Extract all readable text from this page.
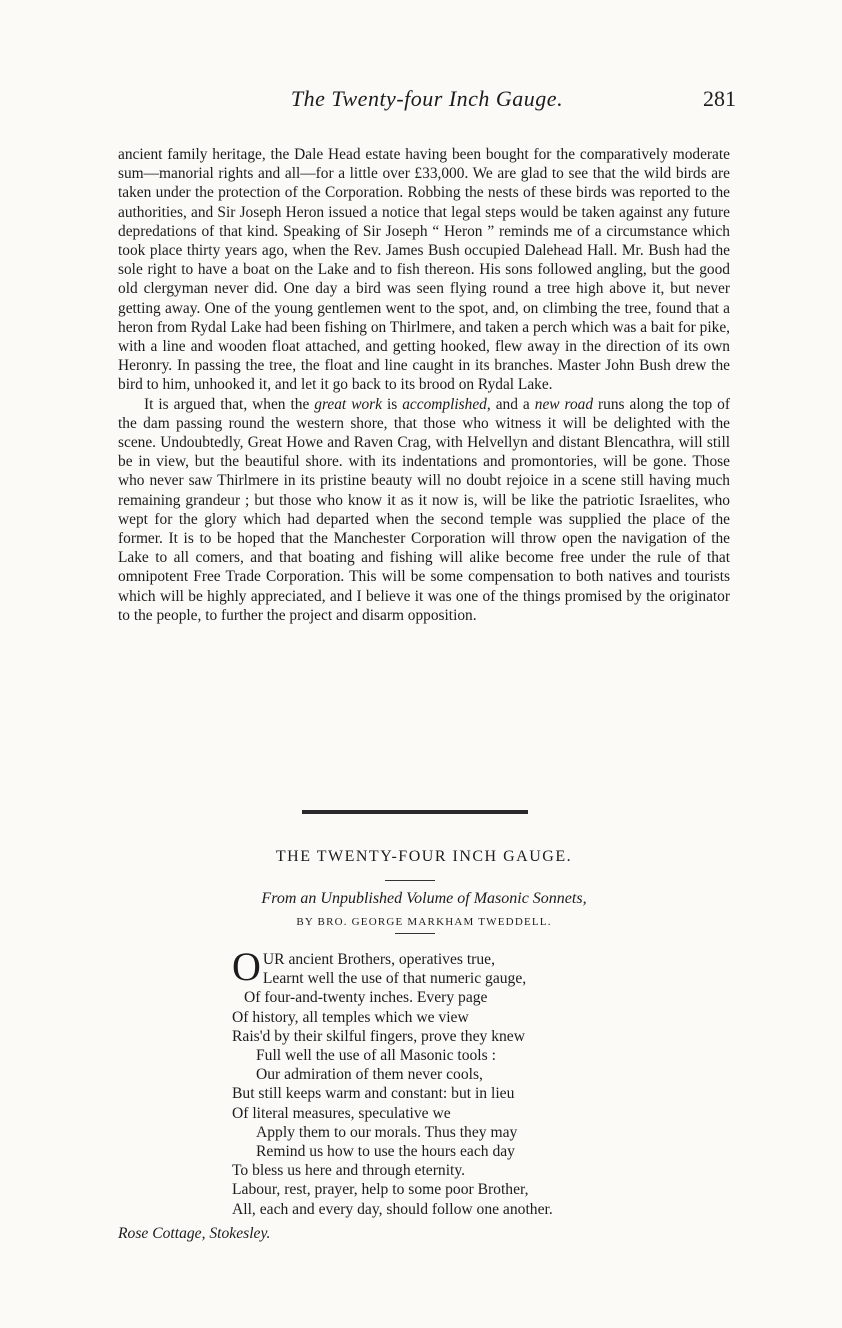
The Twenty-four Inch Gauge.	281

ancient family heritage, the Dale Head estate having been bought for the comparatively moderate sum—manorial rights and all—for a little over £33,000. We are glad to see that the wild birds are taken under the protection of the Corporation. Robbing the nests of these birds was reported to the authorities, and Sir Joseph Heron issued a notice that legal steps would be taken against any future depredations of that kind. Speaking of Sir Joseph “ Heron ” reminds me of a circumstance which took place thirty years ago, when the Rev. James Bush occupied Dalehead Hall. Mr. Bush had the sole right to have a boat on the Lake and to fish thereon. His sons followed angling, but the good old clergyman never did. One day a bird was seen flying round a tree high above it, but never getting away. One of the young gentlemen went to the spot, and, on climbing the tree, found that a heron from Rydal Lake had been fishing on Thirlmere, and taken a perch which was a bait for pike, with a line and wooden float attached, and getting hooked, flew away in the direction of its own Heronry. In passing the tree, the float and line caught in its branches. Master John Bush drew the bird to him, unhooked it, and let it go back to its brood on Rydal Lake.

It is argued that, when the great work is accomplished, and a new road runs along the top of the dam passing round the western shore, that those who witness it will be delighted with the scene. Undoubtedly, Great Howe and Raven Crag, with Helvellyn and distant Blencathra, will still be in view, but the beautiful shore. with its indentations and promontories, will be gone. Those who never saw Thirlmere in its pristine beauty will no doubt rejoice in a scene still having much remaining grandeur ; but those who know it as it now is, will be like the patriotic Israelites, who wept for the glory which had departed when the second temple was supplied the place of the former. It is to be hoped that the Manchester Corporation will throw open the navigation of the Lake to all comers, and that boating and fishing will alike become free under the rule of that omnipotent Free Trade Corporation. This will be some compensation to both natives and tourists which will be highly appreciated, and I believe it was one of the things promised by the originator to the people, to further the project and disarm opposition.

THE TWENTY-FOUR INCH GAUGE.
From an Unpublished Volume of Masonic Sonnets,
BY BRO. GEORGE MARKHAM TWEDDELL.
O UR ancient Brothers, operatives true,
Learnt well the use of that numeric gauge,
Of four-and-twenty inches. Every page
Of history, all temples which we view
Rais'd by their skilful fingers, prove they knew
Full well the use of all Masonic tools :
Our admiration of them never cools,
But still keeps warm and constant: but in lieu
Of literal measures, speculative we
Apply them to our morals. Thus they may
Remind us how to use the hours each day
To bless us here and through eternity.
Labour, rest, prayer, help to some poor Brother,
All, each and every day, should follow one another.
Rose Cottage, Stokesley.
